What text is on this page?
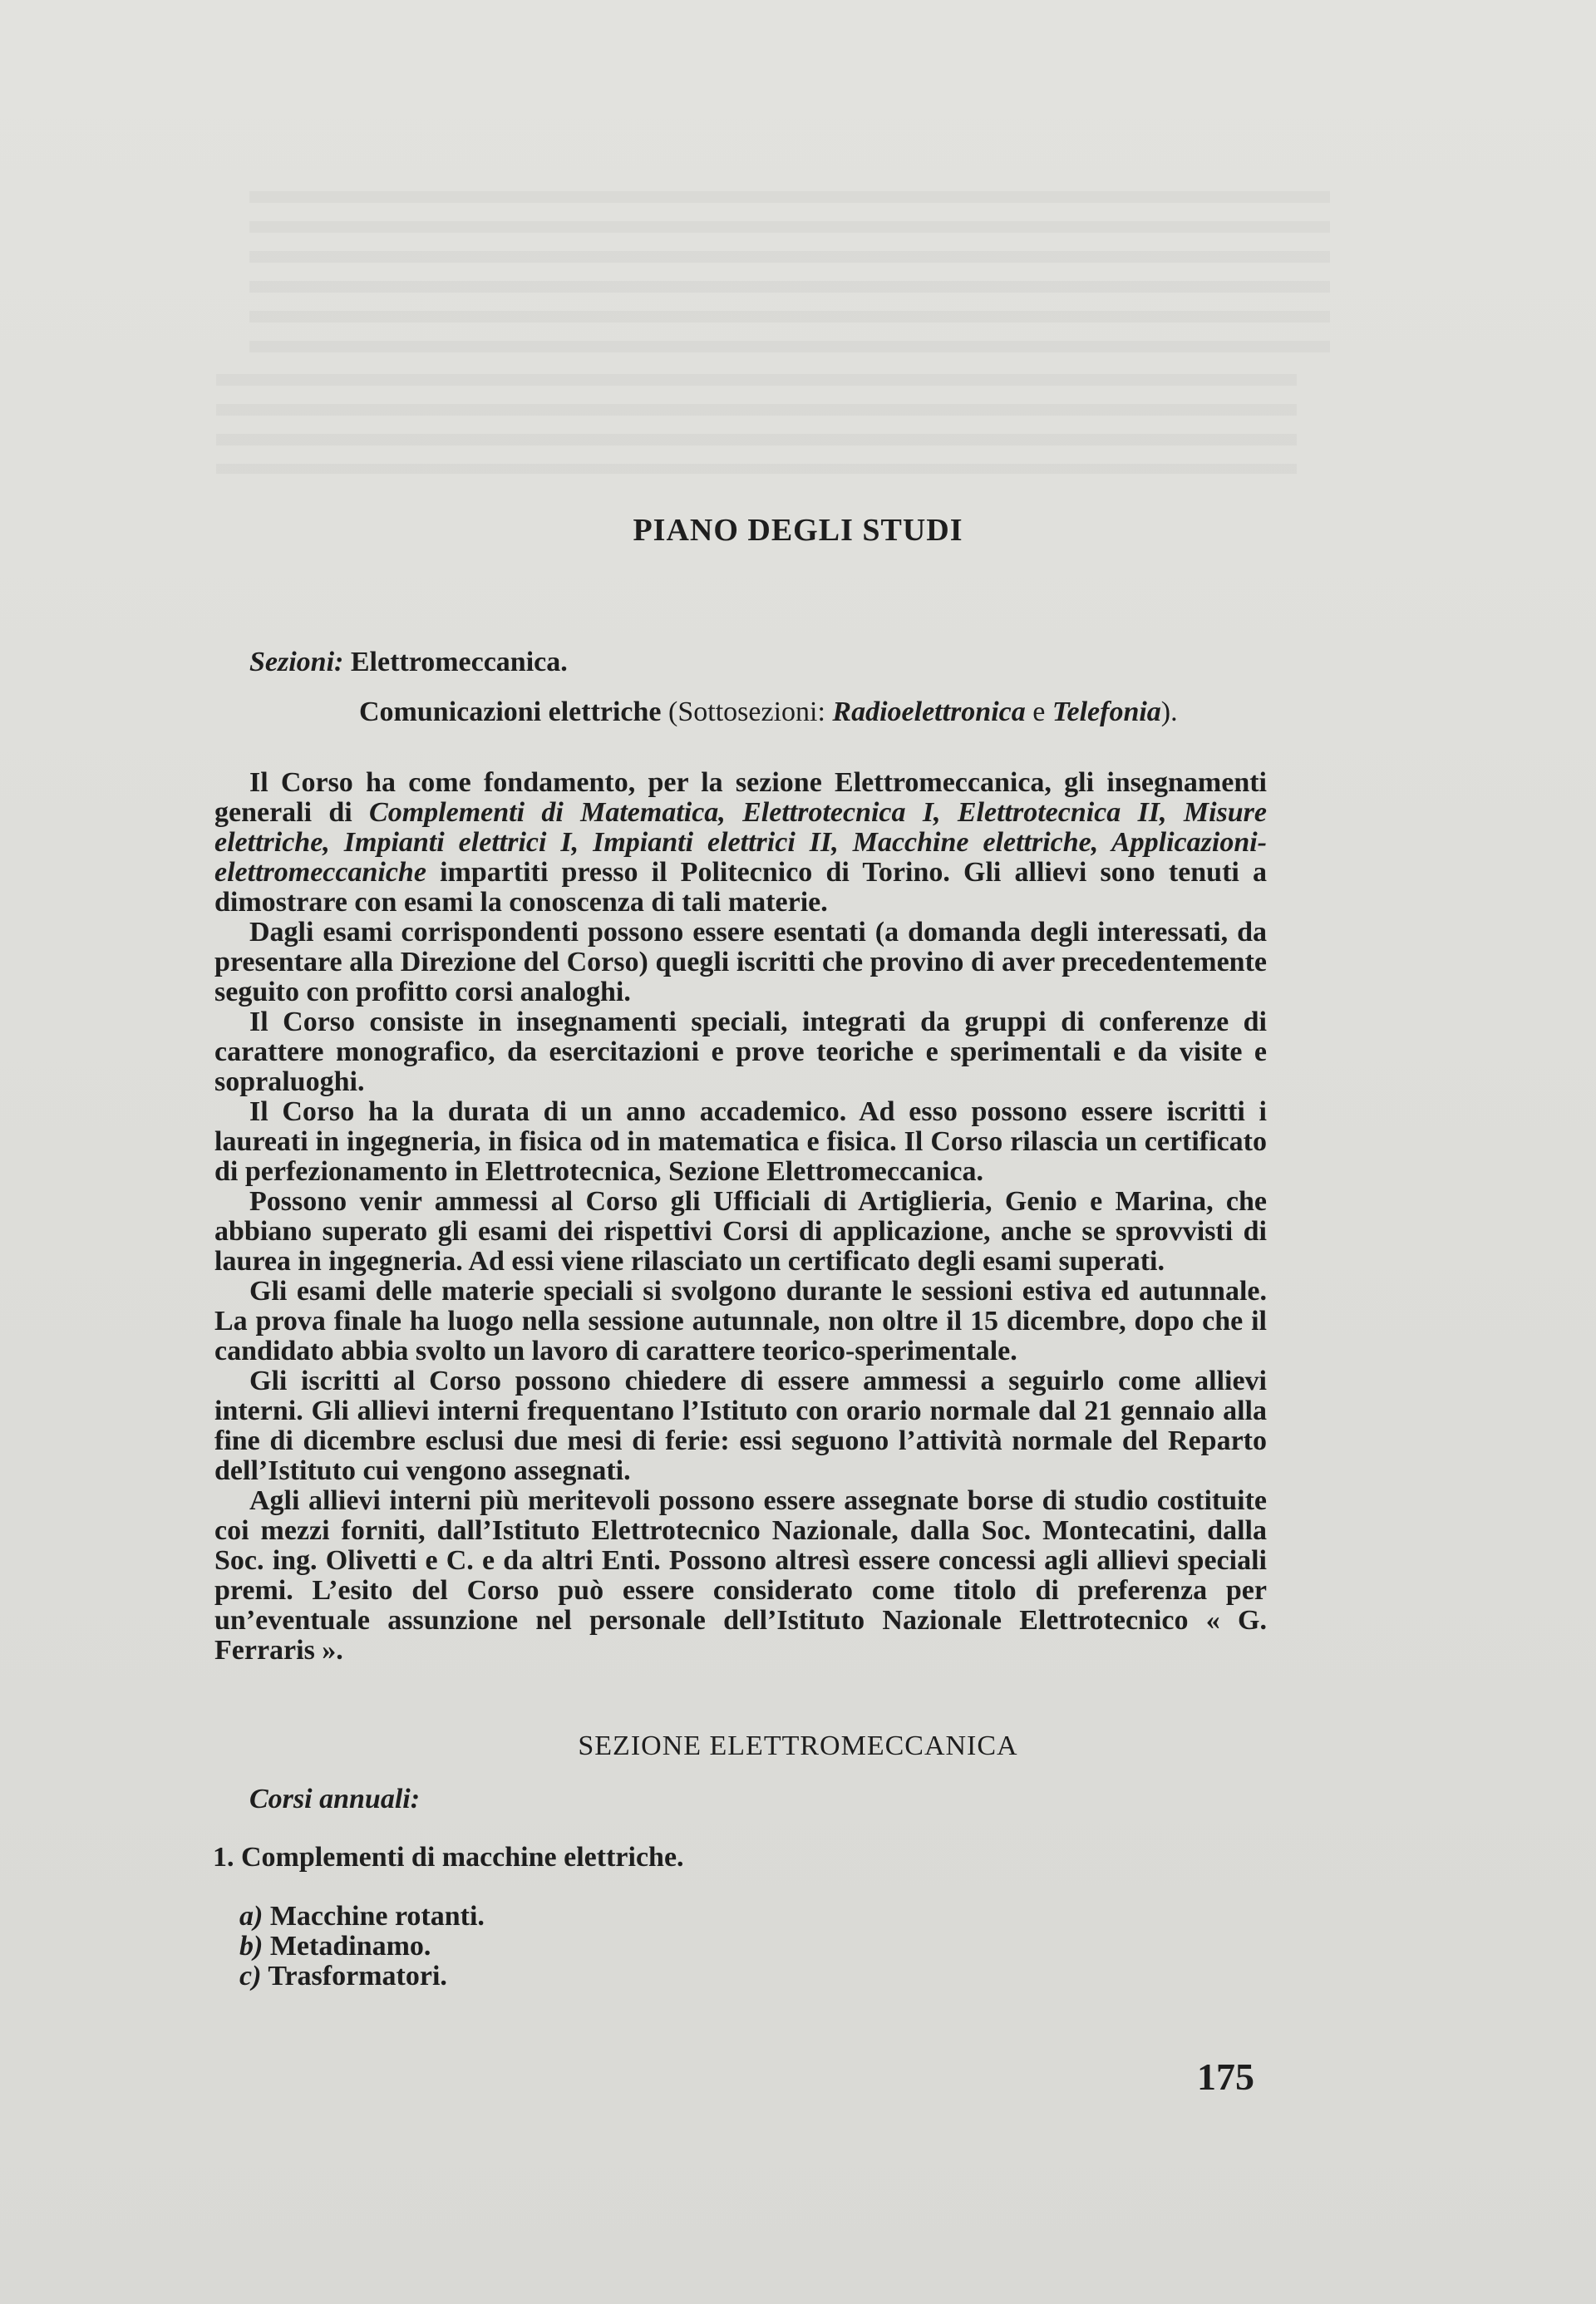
PIANO DEGLI STUDI
Sezioni: Elettromeccanica.
Comunicazioni elettriche (Sottosezioni: Radioelettronica e Telefonia).

Il Corso ha come fondamento, per la sezione Elettromeccanica, gli insegnamenti generali di Complementi di Matematica, Elettrotecnica I, Elettrotecnica II, Misure elettriche, Impianti elettrici I, Impianti elettrici II, Macchine elettriche, Applicazioni-elettromeccaniche impartiti presso il Politecnico di Torino. Gli allievi sono tenuti a dimostrare con esami la conoscenza di tali materie.

Dagli esami corrispondenti possono essere esentati (a domanda degli interessati, da presentare alla Direzione del Corso) quegli iscritti che provino di aver precedentemente seguito con profitto corsi analoghi.

Il Corso consiste in insegnamenti speciali, integrati da gruppi di conferenze di carattere monografico, da esercitazioni e prove teoriche e sperimentali e da visite e sopraluoghi.

Il Corso ha la durata di un anno accademico. Ad esso possono essere iscritti i laureati in ingegneria, in fisica od in matematica e fisica. Il Corso rilascia un certificato di perfezionamento in Elettrotecnica, Sezione Elettromeccanica.

Possono venir ammessi al Corso gli Ufficiali di Artiglieria, Genio e Marina, che abbiano superato gli esami dei rispettivi Corsi di applicazione, anche se sprovvisti di laurea in ingegneria. Ad essi viene rilasciato un certificato degli esami superati.

Gli esami delle materie speciali si svolgono durante le sessioni estiva ed autunnale. La prova finale ha luogo nella sessione autunnale, non oltre il 15 dicembre, dopo che il candidato abbia svolto un lavoro di carattere teorico-sperimentale.

Gli iscritti al Corso possono chiedere di essere ammessi a seguirlo come allievi interni. Gli allievi interni frequentano l’Istituto con orario normale dal 21 gennaio alla fine di dicembre esclusi due mesi di ferie: essi seguono l’attività normale del Reparto dell’Istituto cui vengono assegnati.

Agli allievi interni più meritevoli possono essere assegnate borse di studio costituite coi mezzi forniti, dall’Istituto Elettrotecnico Nazionale, dalla Soc. Montecatini, dalla Soc. ing. Olivetti e C. e da altri Enti. Possono altresì essere concessi agli allievi speciali premi. L’esito del Corso può essere considerato come titolo di preferenza per un’eventuale assunzione nel personale dell’Istituto Nazionale Elettrotecnico « G. Ferraris ».

SEZIONE ELETTROMECCANICA
Corsi annuali:
1. Complementi di macchine elettriche.
a) Macchine rotanti.
b) Metadinamo.
c) Trasformatori.
175
